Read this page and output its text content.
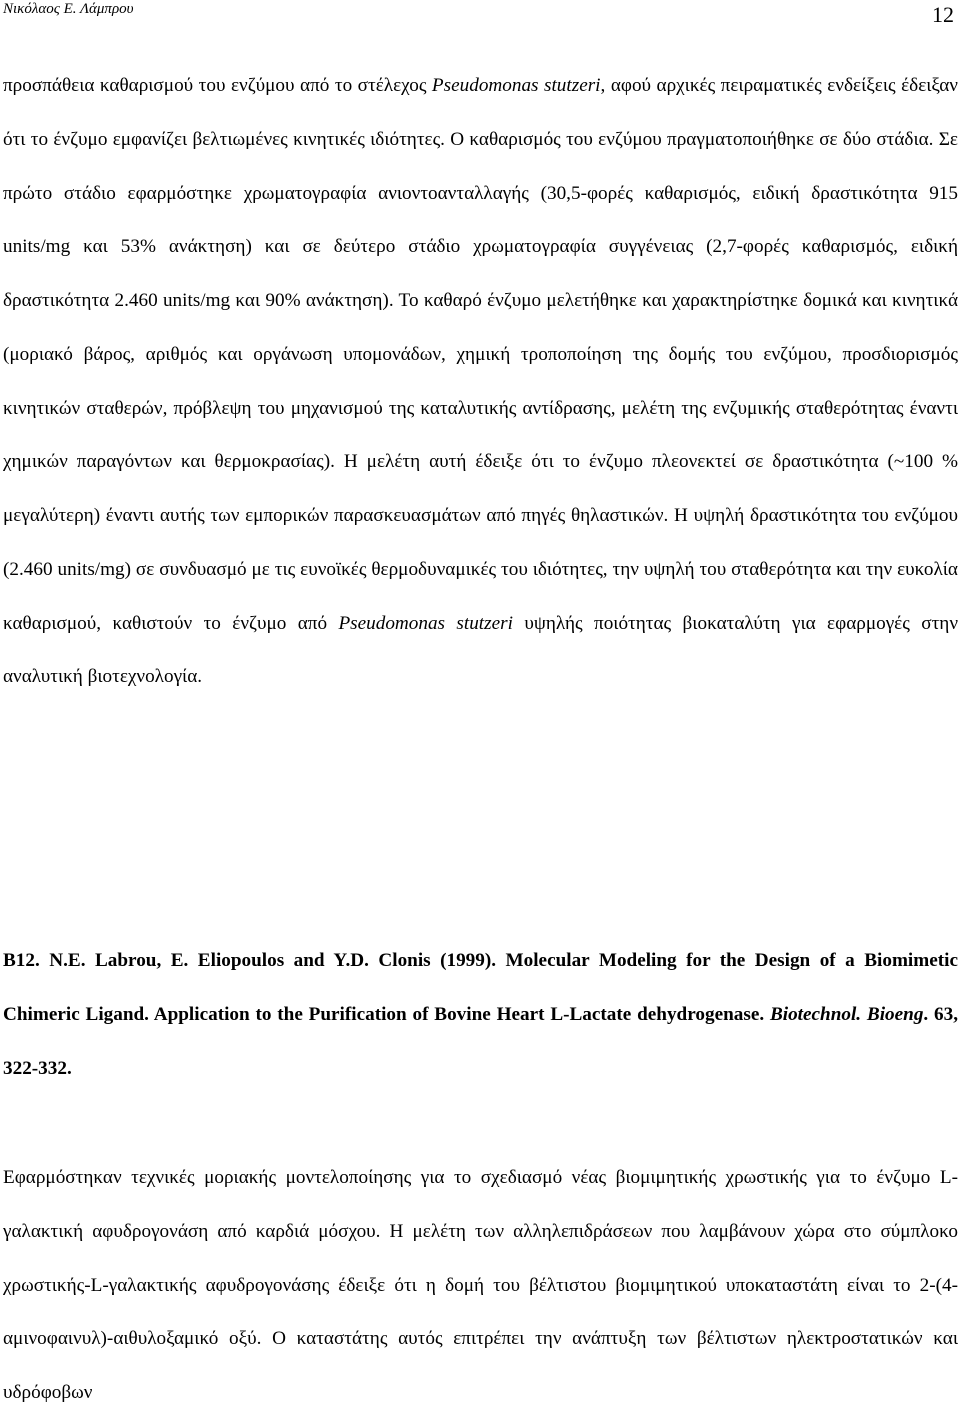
Νικόλαος Ε. Λάμπρου	12

προσπάθεια καθαρισμού του ενζύμου από το στέλεχος Pseudomonas stutzeri, αφού αρχικές πειραματικές ενδείξεις έδειξαν ότι το ένζυμο εμφανίζει βελτιωμένες κινητικές ιδιότητες. Ο καθαρισμός του ενζύμου πραγματοποιήθηκε σε δύο στάδια. Σε πρώτο στάδιο εφαρμόστηκε χρωματογραφία ανιοντοανταλλαγής (30,5-φορές καθαρισμός, ειδική δραστικότητα 915 units/mg και 53% ανάκτηση) και σε δεύτερο στάδιο χρωματογραφία συγγένειας (2,7-φορές καθαρισμός, ειδική δραστικότητα 2.460 units/mg και 90% ανάκτηση). Το καθαρό ένζυμο μελετήθηκε και χαρακτηρίστηκε δομικά και κινητικά (μοριακό βάρος, αριθμός και οργάνωση υπομονάδων, χημική τροποποίηση της δομής του ενζύμου, προσδιορισμός κινητικών σταθερών, πρόβλεψη του μηχανισμού της καταλυτικής αντίδρασης, μελέτη της ενζυμικής σταθερότητας έναντι χημικών παραγόντων και θερμοκρασίας). Η μελέτη αυτή έδειξε ότι το ένζυμο πλεονεκτεί σε δραστικότητα (~100 % μεγαλύτερη) έναντι αυτής των εμπορικών παρασκευασμάτων από πηγές θηλαστικών. Η υψηλή δραστικότητα του ενζύμου (2.460 units/mg) σε συνδυασμό με τις ευνοϊκές θερμοδυναμικές του ιδιότητες, την υψηλή του σταθερότητα και την ευκολία καθαρισμού, καθιστούν το ένζυμο από Pseudomonas stutzeri υψηλής ποιότητας βιοκαταλύτη για εφαρμογές στην αναλυτική βιοτεχνολογία.

B12. N.E. Labrou, E. Eliopoulos and Y.D. Clonis (1999). Molecular Modeling for the Design of a Biomimetic Chimeric Ligand. Application to the Purification of Bovine Heart L-Lactate dehydrogenase. Biotechnol. Bioeng. 63, 322-332.

Εφαρμόστηκαν τεχνικές μοριακής μοντελοποίησης για το σχεδιασμό νέας βιομιμητικής χρωστικής για το ένζυμο L-γαλακτική αφυδρογονάση από καρδιά μόσχου. Η μελέτη των αλληλεπιδράσεων που λαμβάνουν χώρα στο σύμπλοκο χρωστικής-L-γαλακτικής αφυδρογονάσης έδειξε ότι η δομή του βέλτιστου βιομιμητικού υποκαταστάτη είναι το 2-(4-αμινοφαινυλ)-αιθυλοξαμικό οξύ. Ο καταστάτης αυτός επιτρέπει την ανάπτυξη των βέλτιστων ηλεκτροστατικών και υδρόφοβων
